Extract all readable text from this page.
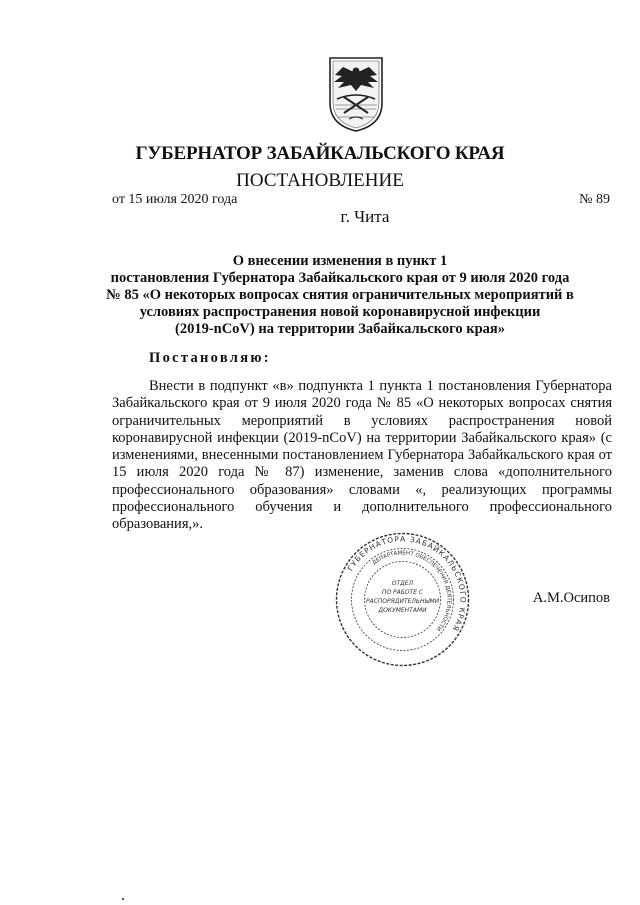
ГУБЕРНАТОР ЗАБАЙКАЛЬСКОГО КРАЯ
ПОСТАНОВЛЕНИЕ
от 15 июля 2020 года	№ 89
г. Чита
О внесении изменения в пункт 1
постановления Губернатора Забайкальского края от 9 июля 2020 года
№ 85 «О некоторых вопросах снятия ограничительных мероприятий в
условиях распространения новой коронавирусной инфекции
(2019-nCoV) на территории Забайкальского края»
Постановляю:

Внести в подпункт «в» подпункта 1 пункта 1 постановления Губернатора Забайкальского края от 9 июля 2020 года № 85 «О некоторых вопросах снятия ограничительных мероприятий в условиях распространения новой коронавирусной инфекции (2019-nCoV) на территории Забайкальского края» (с изменениями, внесенными постановлением Губернатора Забайкальского края от 15 июля 2020 года № 87) изменение, заменив слова «дополнительного профессионального образования» словами «, реализующих программы профессионального обучения и дополнительного профессионального образования,».

ГУБЕРНАТОРА ЗАБАЙКАЛЬСКОГО КРАЯ
ДЕПАРТАМЕНТ ОБЕСПЕЧЕНИЯ ДЕЯТЕЛЬНОСТИ
ОТДЕЛ
ПО РАБОТЕ С
РАСПОРЯДИТЕЛЬНЫМИ
ДОКУМЕНТАМИ
А.М.Осипов
